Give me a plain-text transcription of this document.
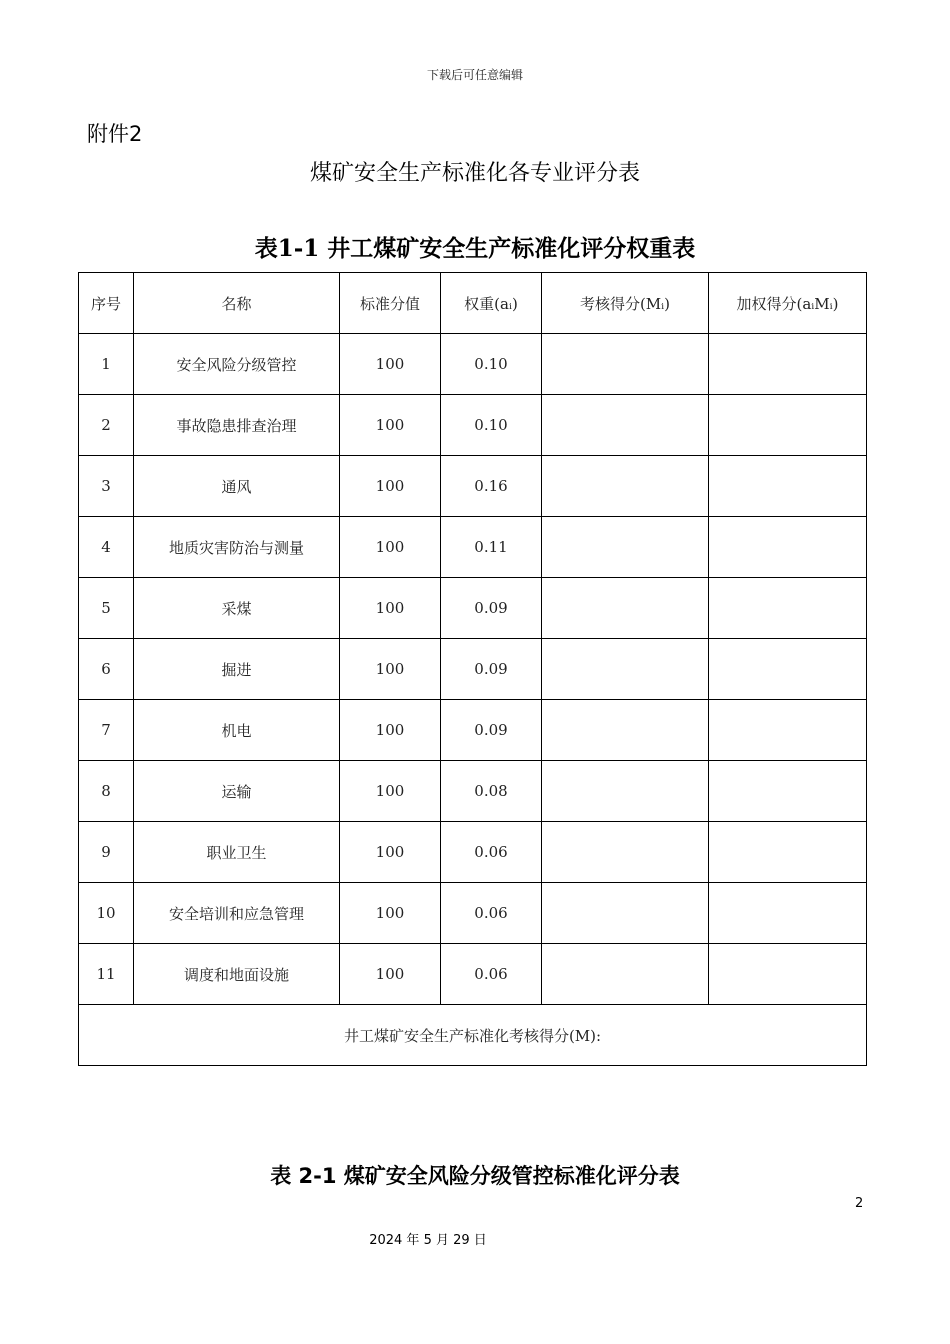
下载后可任意编辑
附件2
煤矿安全生产标准化各专业评分表
表1-1 井工煤矿安全生产标准化评分权重表
序号	名称	标准分值	权重(aᵢ)	考核得分(Mᵢ)	加权得分(aᵢMᵢ)
1	安全风险分级管控	100	0.10		
2	事故隐患排查治理	100	0.10		
3	通风	100	0.16		
4	地质灾害防治与测量	100	0.11		
5	采煤	100	0.09		
6	掘进	100	0.09		
7	机电	100	0.09		
8	运输	100	0.08		
9	职业卫生	100	0.06		
10	安全培训和应急管理	100	0.06		
11	调度和地面设施	100	0.06		
井工煤矿安全生产标准化考核得分(M):					
表 2-1 煤矿安全风险分级管控标准化评分表
2
2024 年 5 月 29 日
